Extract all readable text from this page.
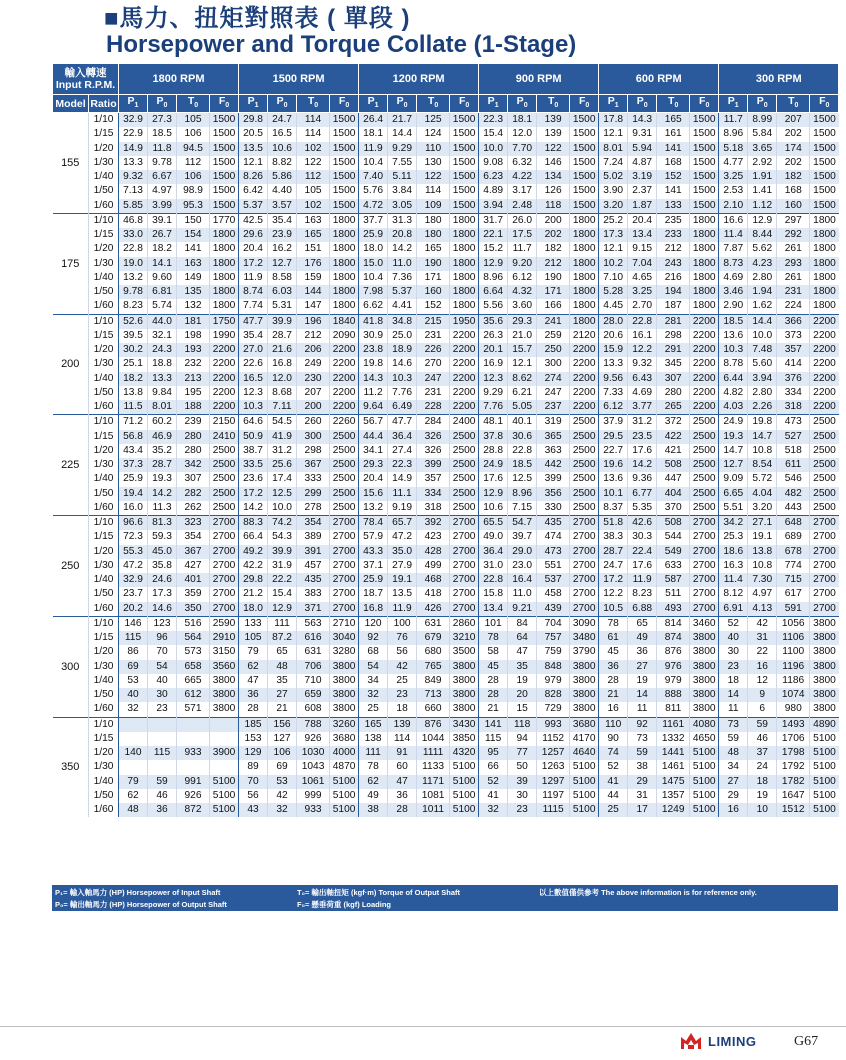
■馬力、扭矩對照表 ( 單段 )
Horsepower and Torque Collate (1-Stage)
輸入轉速
Input R.P.M.		1800 RPM				1500 RPM				1200 RPM				900 RPM				600 RPM				300 RPM			
Model	Ratio	$P_1$	$P_0$	$T_0$	$F_0$	$P_1$	$P_0$	$T_0$	$F_0$	$P_1$	$P_0$	$T_0$	$F_0$	$P_1$	$P_0$	$T_0$	$F_0$	$P_1$	$P_0$	$T_0$	$F_0$	$P_1$	$P_0$	$T_0$	$F_0$
155	1/10	32.9	27.3	105	1500	29.8	24.7	114	1500	26.4	21.7	125	1500	22.3	18.1	139	1500	17.8	14.3	165	1500	11.7	8.99	207	1500
	1/15	22.9	18.5	106	1500	20.5	16.5	114	1500	18.1	14.4	124	1500	15.4	12.0	139	1500	12.1	9.31	161	1500	8.96	5.84	202	1500
	1/20	14.9	11.8	94.5	1500	13.5	10.6	102	1500	11.9	9.29	110	1500	10.0	7.70	122	1500	8.01	5.94	141	1500	5.18	3.65	174	1500
	1/30	13.3	9.78	112	1500	12.1	8.82	122	1500	10.4	7.55	130	1500	9.08	6.32	146	1500	7.24	4.87	168	1500	4.77	2.92	202	1500
	1/40	9.32	6.67	106	1500	8.26	5.86	112	1500	7.40	5.11	122	1500	6.23	4.22	134	1500	5.02	3.19	152	1500	3.25	1.91	182	1500
	1/50	7.13	4.97	98.9	1500	6.42	4.40	105	1500	5.76	3.84	114	1500	4.89	3.17	126	1500	3.90	2.37	141	1500	2.53	1.41	168	1500
	1/60	5.85	3.99	95.3	1500	5.37	3.57	102	1500	4.72	3.05	109	1500	3.94	2.48	118	1500	3.20	1.87	133	1500	2.10	1.12	160	1500
175	1/10	46.8	39.1	150	1770	42.5	35.4	163	1800	37.7	31.3	180	1800	31.7	26.0	200	1800	25.2	20.4	235	1800	16.6	12.9	297	1800
	1/15	33.0	26.7	154	1800	29.6	23.9	165	1800	25.9	20.8	180	1800	22.1	17.5	202	1800	17.3	13.4	233	1800	11.4	8.44	292	1800
	1/20	22.8	18.2	141	1800	20.4	16.2	151	1800	18.0	14.2	165	1800	15.2	11.7	182	1800	12.1	9.15	212	1800	7.87	5.62	261	1800
	1/30	19.0	14.1	163	1800	17.2	12.7	176	1800	15.0	11.0	190	1800	12.9	9.20	212	1800	10.2	7.04	243	1800	8.73	4.23	293	1800
	1/40	13.2	9.60	149	1800	11.9	8.58	159	1800	10.4	7.36	171	1800	8.96	6.12	190	1800	7.10	4.65	216	1800	4.69	2.80	261	1800
	1/50	9.78	6.81	135	1800	8.74	6.03	144	1800	7.98	5.37	160	1800	6.64	4.32	171	1800	5.28	3.25	194	1800	3.46	1.94	231	1800
	1/60	8.23	5.74	132	1800	7.74	5.31	147	1800	6.62	4.41	152	1800	5.56	3.60	166	1800	4.45	2.70	187	1800	2.90	1.62	224	1800
200	1/10	52.6	44.0	181	1750	47.7	39.9	196	1840	41.8	34.8	215	1950	35.6	29.3	241	1800	28.0	22.8	281	2200	18.5	14.4	366	2200
	1/15	39.5	32.1	198	1990	35.4	28.7	212	2090	30.9	25.0	231	2200	26.3	21.0	259	2120	20.6	16.1	298	2200	13.6	10.0	373	2200
	1/20	30.2	24.3	193	2200	27.0	21.6	206	2200	23.8	18.9	226	2200	20.1	15.7	250	2200	15.9	12.2	291	2200	10.3	7.48	357	2200
	1/30	25.1	18.8	232	2200	22.6	16.8	249	2200	19.8	14.6	270	2200	16.9	12.1	300	2200	13.3	9.32	345	2200	8.78	5.60	414	2200
	1/40	18.2	13.3	213	2200	16.5	12.0	230	2200	14.3	10.3	247	2200	12.3	8.62	274	2200	9.56	6.43	307	2200	6.44	3.94	376	2200
	1/50	13.8	9.84	195	2200	12.3	8.68	207	2200	11.2	7.76	231	2200	9.29	6.21	247	2200	7.33	4.69	280	2200	4.82	2.80	334	2200
	1/60	11.5	8.01	188	2200	10.3	7.11	200	2200	9.64	6.49	228	2200	7.76	5.05	237	2200	6.12	3.77	265	2200	4.03	2.26	318	2200
225	1/10	71.2	60.2	239	2150	64.6	54.5	260	2260	56.7	47.7	284	2400	48.1	40.1	319	2500	37.9	31.2	372	2500	24.9	19.8	473	2500
	1/15	56.8	46.9	280	2410	50.9	41.9	300	2500	44.4	36.4	326	2500	37.8	30.6	365	2500	29.5	23.5	422	2500	19.3	14.7	527	2500
	1/20	43.4	35.2	280	2500	38.7	31.2	298	2500	34.1	27.4	326	2500	28.8	22.8	363	2500	22.7	17.6	421	2500	14.7	10.8	518	2500
	1/30	37.3	28.7	342	2500	33.5	25.6	367	2500	29.3	22.3	399	2500	24.9	18.5	442	2500	19.6	14.2	508	2500	12.7	8.54	611	2500
	1/40	25.9	19.3	307	2500	23.6	17.4	333	2500	20.4	14.9	357	2500	17.6	12.5	399	2500	13.6	9.36	447	2500	9.09	5.72	546	2500
	1/50	19.4	14.2	282	2500	17.2	12.5	299	2500	15.6	11.1	334	2500	12.9	8.96	356	2500	10.1	6.77	404	2500	6.65	4.04	482	2500
	1/60	16.0	11.3	262	2500	14.2	10.0	278	2500	13.2	9.19	318	2500	10.6	7.15	330	2500	8.37	5.35	370	2500	5.51	3.20	443	2500
250	1/10	96.6	81.3	323	2700	88.3	74.2	354	2700	78.4	65.7	392	2700	65.5	54.7	435	2700	51.8	42.6	508	2700	34.2	27.1	648	2700
	1/15	72.3	59.3	354	2700	66.4	54.3	389	2700	57.9	47.2	423	2700	49.0	39.7	474	2700	38.3	30.3	544	2700	25.3	19.1	689	2700
	1/20	55.3	45.0	367	2700	49.2	39.9	391	2700	43.3	35.0	428	2700	36.4	29.0	473	2700	28.7	22.4	549	2700	18.6	13.8	678	2700
	1/30	47.2	35.8	427	2700	42.2	31.9	457	2700	37.1	27.9	499	2700	31.0	23.0	551	2700	24.7	17.6	633	2700	16.3	10.8	774	2700
	1/40	32.9	24.6	401	2700	29.8	22.2	435	2700	25.9	19.1	468	2700	22.8	16.4	537	2700	17.2	11.9	587	2700	11.4	7.30	715	2700
	1/50	23.7	17.3	359	2700	21.2	15.4	383	2700	18.7	13.5	418	2700	15.8	11.0	458	2700	12.2	8.23	511	2700	8.12	4.97	617	2700
	1/60	20.2	14.6	350	2700	18.0	12.9	371	2700	16.8	11.9	426	2700	13.4	9.21	439	2700	10.5	6.88	493	2700	6.91	4.13	591	2700
300	1/10	146	123	516	2590	133	111	563	2710	120	100	631	2860	101	84	704	3090	78	65	814	3460	52	42	1056	3800
	1/15	115	96	564	2910	105	87.2	616	3040	92	76	679	3210	78	64	757	3480	61	49	874	3800	40	31	1106	3800
	1/20	86	70	573	3150	79	65	631	3280	68	56	680	3500	58	47	759	3790	45	36	876	3800	30	22	1100	3800
	1/30	69	54	658	3560	62	48	706	3800	54	42	765	3800	45	35	848	3800	36	27	976	3800	23	16	1196	3800
	1/40	53	40	665	3800	47	35	710	3800	34	25	849	3800	28	19	979	3800	28	19	979	3800	18	12	1186	3800
	1/50	40	30	612	3800	36	27	659	3800	32	23	713	3800	28	20	828	3800	21	14	888	3800	14	9	1074	3800
	1/60	32	23	571	3800	28	21	608	3800	25	18	660	3800	21	15	729	3800	16	11	811	3800	11	6	980	3800
350	1/10					185	156	788	3260	165	139	876	3430	141	118	993	3680	110	92	1161	4080	73	59	1493	4890
	1/15					153	127	926	3680	138	114	1044	3850	115	94	1152	4170	90	73	1332	4650	59	46	1706	5100
	1/20	140	115	933	3900	129	106	1030	4000	111	91	1111	4320	95	77	1257	4640	74	59	1441	5100	48	37	1798	5100
	1/30					89	69	1043	4870	78	60	1133	5100	66	50	1263	5100	52	38	1461	5100	34	24	1792	5100
	1/40	79	59	991	5100	70	53	1061	5100	62	47	1171	5100	52	39	1297	5100	41	29	1475	5100	27	18	1782	5100
	1/50	62	46	926	5100	56	42	999	5100	49	36	1081	5100	41	30	1197	5100	44	31	1357	5100	29	19	1647	5100
	1/60	48	36	872	5100	43	32	933	5100	38	28	1011	5100	32	23	1115	5100	25	17	1249	5100	16	10	1512	5100
P₁= 輸入軸馬力 (HP) Horsepower of Input Shaft
P₀= 輸出軸馬力 (HP) Horsepower of Output Shaft
T₀= 輸出軸扭矩 (kgf·m) Torque of Output Shaft
F₀= 懸垂荷重 (kgf) Loading
以上數值僅供參考 The above information is for reference only.
LIMING	G67
